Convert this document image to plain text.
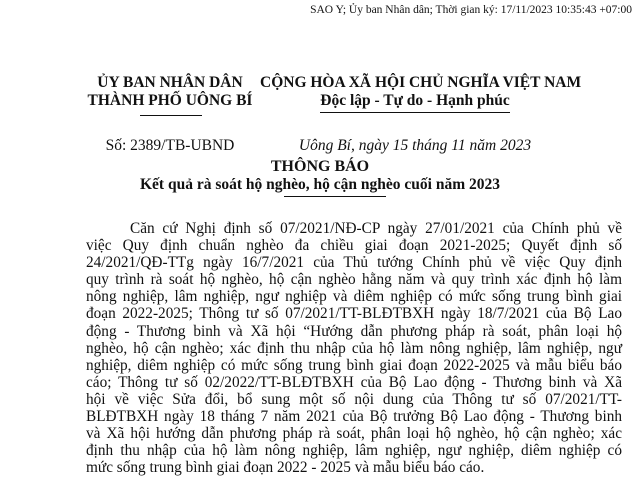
SAO Y; Ủy ban Nhân dân; Thời gian ký: 17/11/2023 10:35:43 +07:00
ỦY BAN NHÂN DÂN
THÀNH PHỐ UÔNG BÍ
Số: 2389/TB-UBND
CỘNG HÒA XÃ HỘI CHỦ NGHĨA VIỆT NAM
Độc lập - Tự do - Hạnh phúc
Uông Bí, ngày 15 tháng 11 năm 2023
THÔNG BÁO
Kết quả rà soát hộ nghèo, hộ cận nghèo cuối năm 2023
Căn cứ Nghị định số 07/2021/NĐ-CP ngày 27/01/2021 của Chính phủ về
việc Quy định chuẩn nghèo đa chiều giai đoạn 2021-2025; Quyết định số
24/2021/QĐ-TTg ngày 16/7/2021 của Thủ tướng Chính phủ về việc Quy định
quy trình rà soát hộ nghèo, hộ cận nghèo hằng năm và quy trình xác định hộ làm
nông nghiệp, lâm nghiệp, ngư nghiệp và diêm nghiệp có mức sống trung bình giai
đoạn 2022-2025; Thông tư số 07/2021/TT-BLĐTBXH ngày 18/7/2021 của Bộ Lao
động - Thương binh và Xã hội “Hướng dẫn phương pháp rà soát, phân loại hộ
nghèo, hộ cận nghèo; xác định thu nhập của hộ làm nông nghiệp, lâm nghiệp, ngư
nghiệp, diêm nghiệp có mức sống trung bình giai đoạn 2022-2025 và mẫu biểu báo
cáo; Thông tư số 02/2022/TT-BLĐTBXH của Bộ Lao động - Thương binh và Xã
hội về việc Sửa đổi, bổ sung một số nội dung của Thông tư số 07/2021/TT-
BLĐTBXH ngày 18 tháng 7 năm 2021 của Bộ trưởng Bộ Lao động - Thương binh
và Xã hội hướng dẫn phương pháp rà soát, phân loại hộ nghèo, hộ cận nghèo; xác
định thu nhập của hộ làm nông nghiệp, lâm nghiệp, ngư nghiệp, diêm nghiệp có
mức sống trung bình giai đoạn 2022 - 2025 và mẫu biểu báo cáo.
